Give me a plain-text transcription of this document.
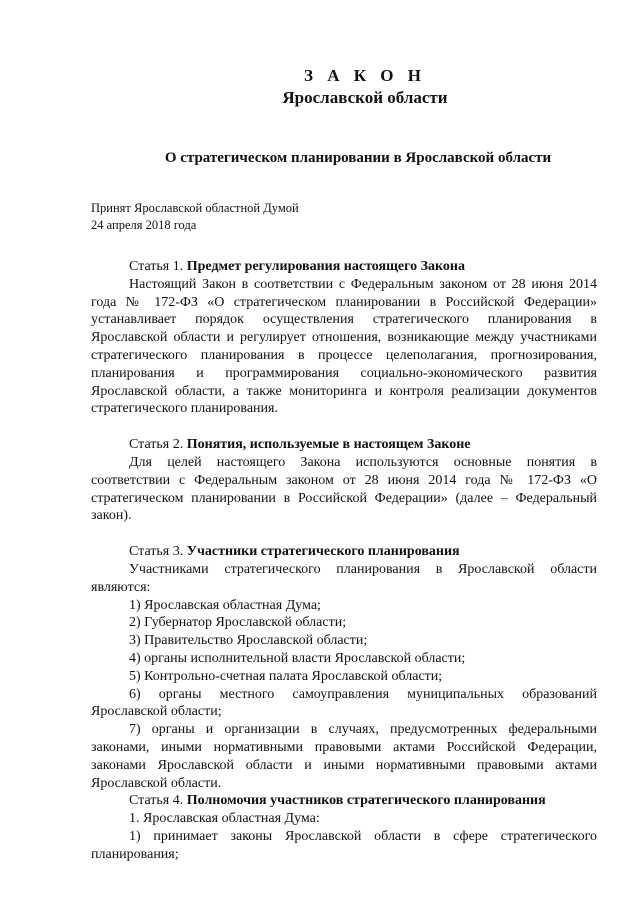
З А К О Н
Ярославской области
О стратегическом планировании в Ярославской области
Принят Ярославской областной Думой
24 апреля 2018 года
Статья 1. Предмет регулирования настоящего Закона

Настоящий Закон в соответствии с Федеральным законом от 28 июня 2014 года № 172-ФЗ «О стратегическом планировании в Российской Федерации» устанавливает порядок осуществления стратегического планирования в Ярославской области и регулирует отношения, возникающие между участниками стратегического планирования в процессе целеполагания, прогнозирования, планирования и программирования социально-экономического развития Ярославской области, а также мониторинга и контроля реализации документов стратегического планирования.

Статья 2. Понятия, используемые в настоящем Законе

Для целей настоящего Закона используются основные понятия в соответствии с Федеральным законом от 28 июня 2014 года № 172-ФЗ «О стратегическом планировании в Российской Федерации» (далее – Федеральный закон).

Статья 3. Участники стратегического планирования

Участниками стратегического планирования в Ярославской области являются:

1) Ярославская областная Дума;

2) Губернатор Ярославской области;

3) Правительство Ярославской области;

4) органы исполнительной власти Ярославской области;

5) Контрольно-счетная палата Ярославской области;

6) органы местного самоуправления муниципальных образований Ярославской области;

7) органы и организации в случаях, предусмотренных федеральными законами, иными нормативными правовыми актами Российской Федерации, законами Ярославской области и иными нормативными правовыми актами Ярославской области.

Статья 4. Полномочия участников стратегического планирования

1. Ярославская областная Дума:

1) принимает законы Ярославской области в сфере стратегического планирования;
